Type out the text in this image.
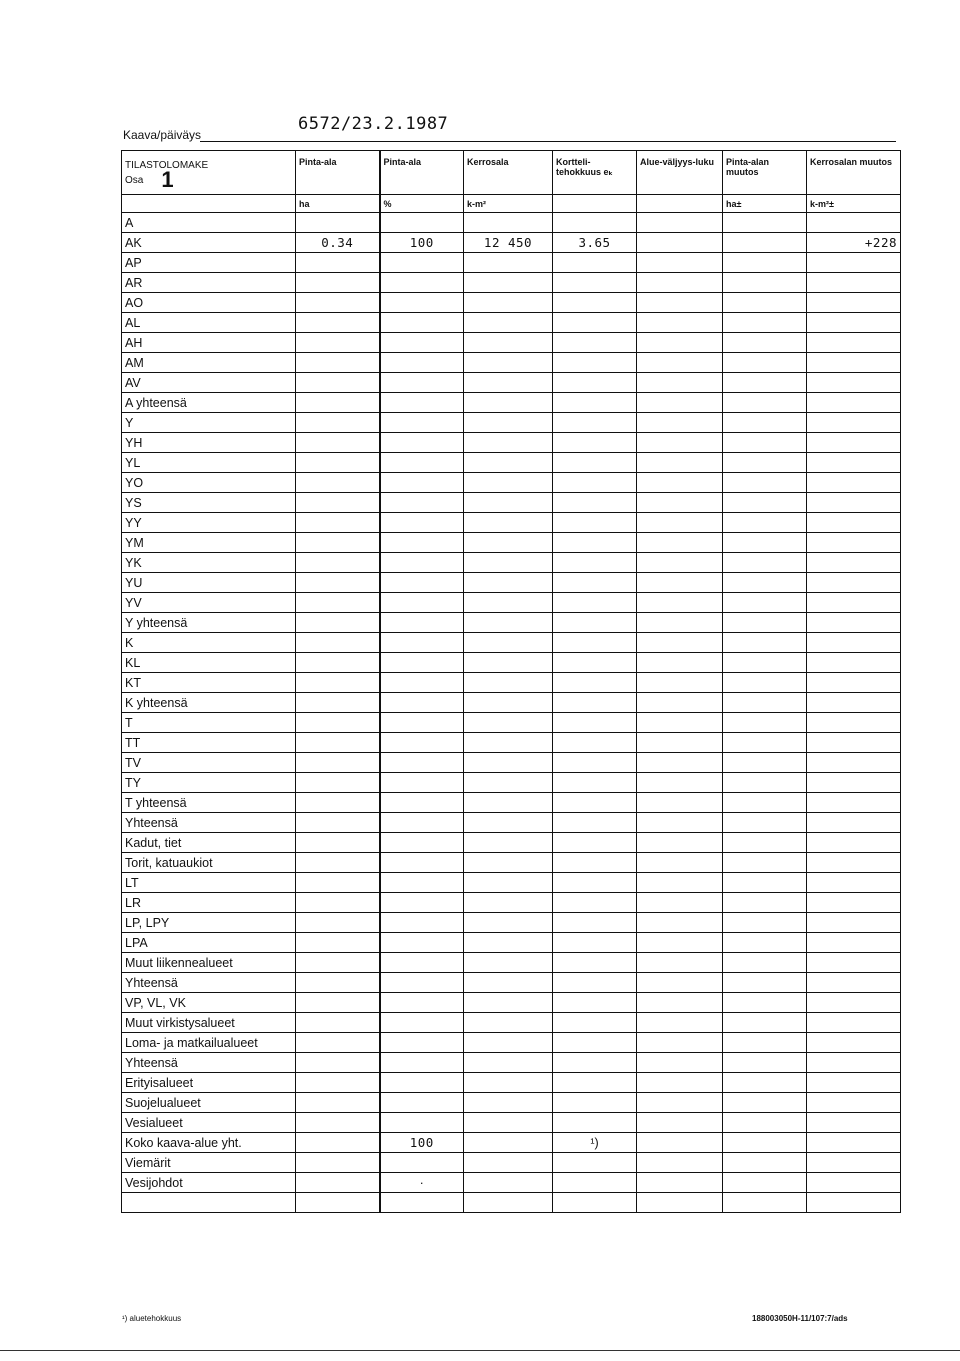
Kaava/päiväys
6572/23.2.1987
TILASTOLOMAKE
Osa 1	Pinta-ala	Pinta-ala	Kerrosala	Kortteli-tehokkuus eₖ	Alue-väljyys-luku	Pinta-alan muutos	Kerrosalan muutos
	ha	%	k-m²			ha±	k-m²±
A							
AK	0.34	100	12 450	3.65			+228
AP							
AR							
AO							
AL							
AH							
AM							
AV							
A yhteensä							
Y							
YH							
YL							
YO							
YS							
YY							
YM							
YK							
YU							
YV							
Y yhteensä							
K							
KL							
KT							
K yhteensä							
T							
TT							
TV							
TY							
T yhteensä							
Yhteensä							
Kadut, tiet							
Torit, katuaukiot							
LT							
LR							
LP, LPY							
LPA							
Muut liikennealueet							
Yhteensä							
VP, VL, VK							
Muut virkistysalueet							
Loma- ja matkailualueet							
Yhteensä							
Erityisalueet							
Suojelualueet							
Vesialueet							
Koko kaava-alue yht.		100		¹)			
Viemärit							
Vesijohdot		·					

¹) aluetehokkuus	188003050H-11/107:7/ads
